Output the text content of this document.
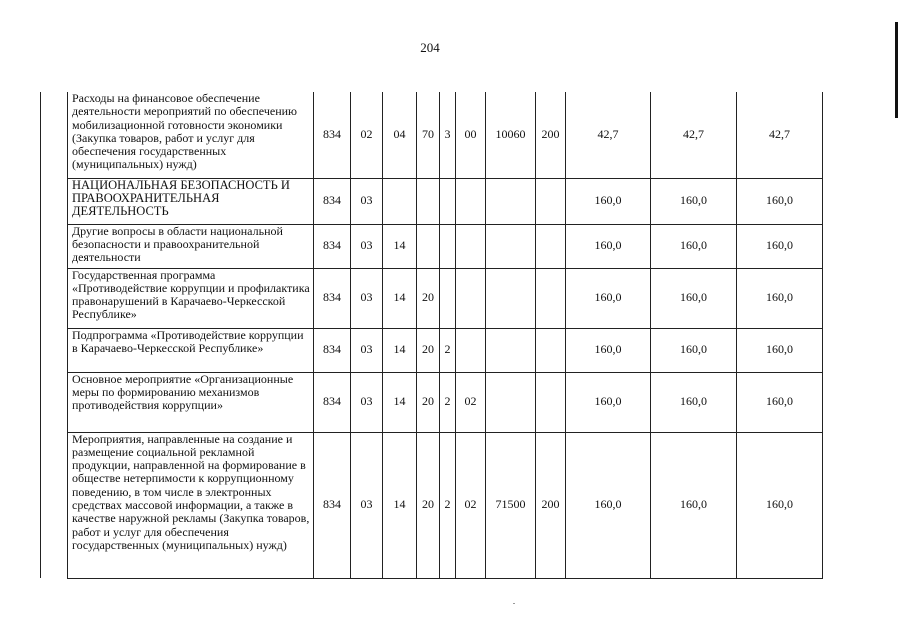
204
	Расходы на финансовое обеспечение деятельности мероприятий по обеспечению мобилизационной готовности экономики (Закупка товаров, работ и услуг для обеспечения государственных (муниципальных) нужд)	834	02	04	70	3	00	10060	200	42,7	42,7	42,7
	НАЦИОНАЛЬНАЯ БЕЗОПАСНОСТЬ И ПРАВООХРАНИТЕЛЬНАЯ ДЕЯТЕЛЬНОСТЬ	834	03							160,0	160,0	160,0
	Другие вопросы в области национальной безопасности и правоохранительной деятельности	834	03	14						160,0	160,0	160,0
	Государственная программа «Противодействие коррупции и профилактика правонарушений в Карачаево-Черкесской Республике»	834	03	14	20					160,0	160,0	160,0
	Подпрограмма «Противодействие коррупции в Карачаево-Черкесской Республике»	834	03	14	20	2				160,0	160,0	160,0
	Основное мероприятие «Организационные меры по формированию механизмов противодействия коррупции»	834	03	14	20	2	02			160,0	160,0	160,0
	Мероприятия, направленные на создание и размещение социальной рекламной продукции, направленной на формирование в обществе нетерпимости к коррупционному поведению, в том числе в электронных средствах массовой информации, а также в качестве наружной рекламы (Закупка товаров, работ и услуг для обеспечения государственных (муниципальных) нужд)	834	03	14	20	2	02	71500	200	160,0	160,0	160,0
